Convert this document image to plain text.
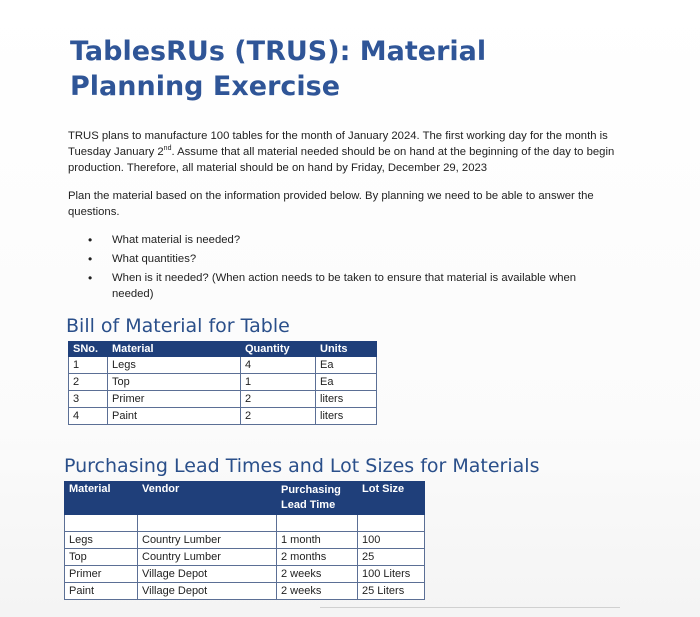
TablesRUs (TRUS): Material
Planning Exercise

TRUS plans to manufacture 100 tables for the month of January 2024. The first working day for the month is Tuesday January 2nd. Assume that all material needed should be on hand at the beginning of the day to begin production. Therefore, all material should be on hand by Friday, December 29, 2023

Plan the material based on the information provided below. By planning we need to be able to answer the questions.

• What material is needed?
• What quantities?
• When is it needed? (When action needs to be taken to ensure that material is available when needed)
Bill of Material for Table
SNo.	Material	Quantity	Units
1	Legs	4	Ea
2	Top	1	Ea
3	Primer	2	liters
4	Paint	2	liters
Purchasing Lead Times and Lot Sizes for Materials
Material	Vendor	Purchasing Lead Time	Lot Size

Legs	Country Lumber	1 month	100
Top	Country Lumber	2 months	25
Primer	Village Depot	2 weeks	100 Liters
Paint	Village Depot	2 weeks	25 Liters
